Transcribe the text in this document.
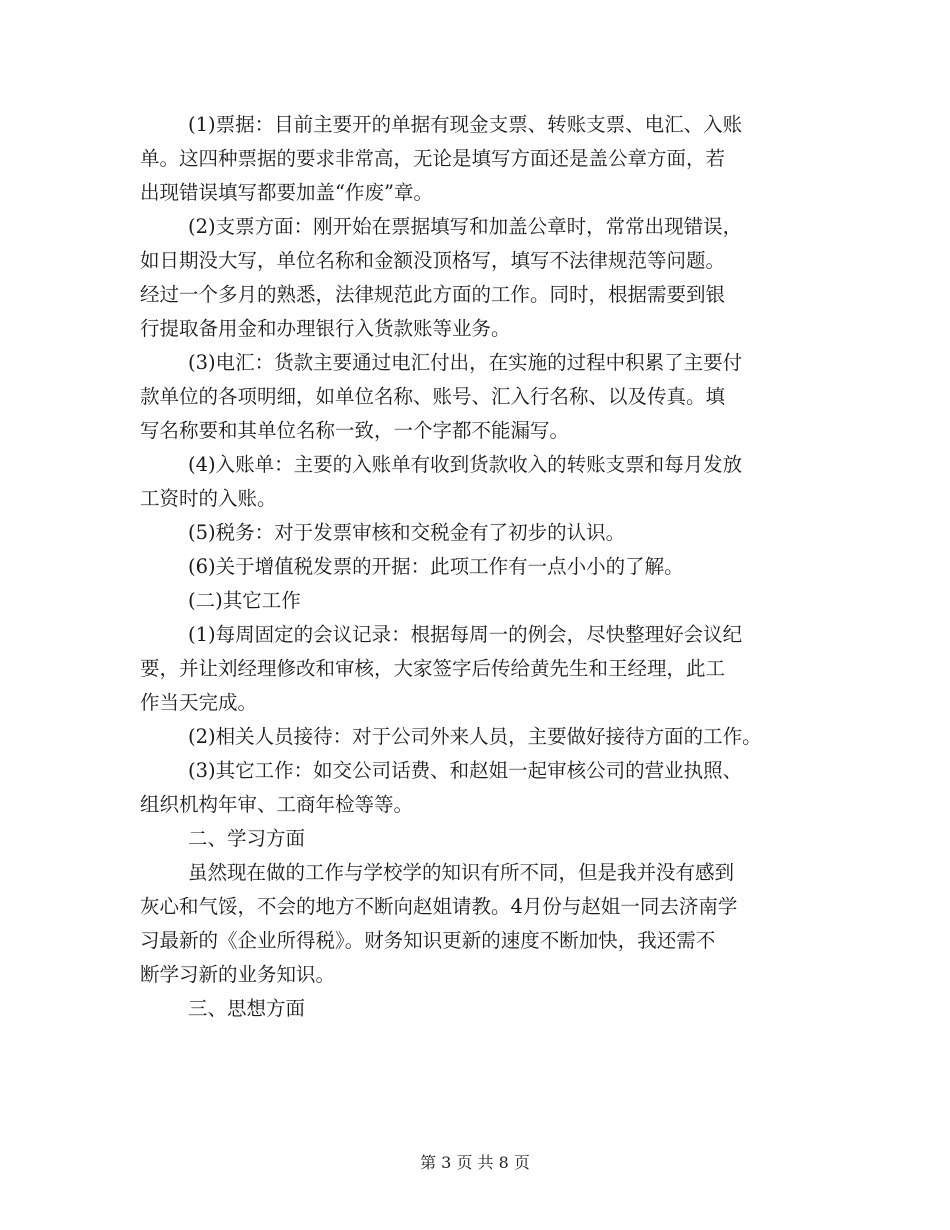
(1)票据：目前主要开的单据有现金支票、转账支票、电汇、入账
单。这四种票据的要求非常高，无论是填写方面还是盖公章方面，若
出现错误填写都要加盖“作废”章。

(2)支票方面：刚开始在票据填写和加盖公章时，常常出现错误，
如日期没大写，单位名称和金额没顶格写，填写不法律规范等问题。
经过一个多月的熟悉，法律规范此方面的工作。同时，根据需要到银
行提取备用金和办理银行入货款账等业务。

(3)电汇：货款主要通过电汇付出，在实施的过程中积累了主要付
款单位的各项明细，如单位名称、账号、汇入行名称、以及传真。填
写名称要和其单位名称一致，一个字都不能漏写。

(4)入账单：主要的入账单有收到货款收入的转账支票和每月发放
工资时的入账。

(5)税务：对于发票审核和交税金有了初步的认识。

(6)关于增值税发票的开据：此项工作有一点小小的了解。

(二)其它工作

(1)每周固定的会议记录：根据每周一的例会，尽快整理好会议纪
要，并让刘经理修改和审核，大家签字后传给黄先生和王经理，此工
作当天完成。

(2)相关人员接待：对于公司外来人员，主要做好接待方面的工作。

(3)其它工作：如交公司话费、和赵姐一起审核公司的营业执照、
组织机构年审、工商年检等等。

二、学习方面

虽然现在做的工作与学校学的知识有所不同，但是我并没有感到
灰心和气馁，不会的地方不断向赵姐请教。4月份与赵姐一同去济南学
习最新的《企业所得税》。财务知识更新的速度不断加快，我还需不
断学习新的业务知识。

三、思想方面

第 3 页 共 8 页
